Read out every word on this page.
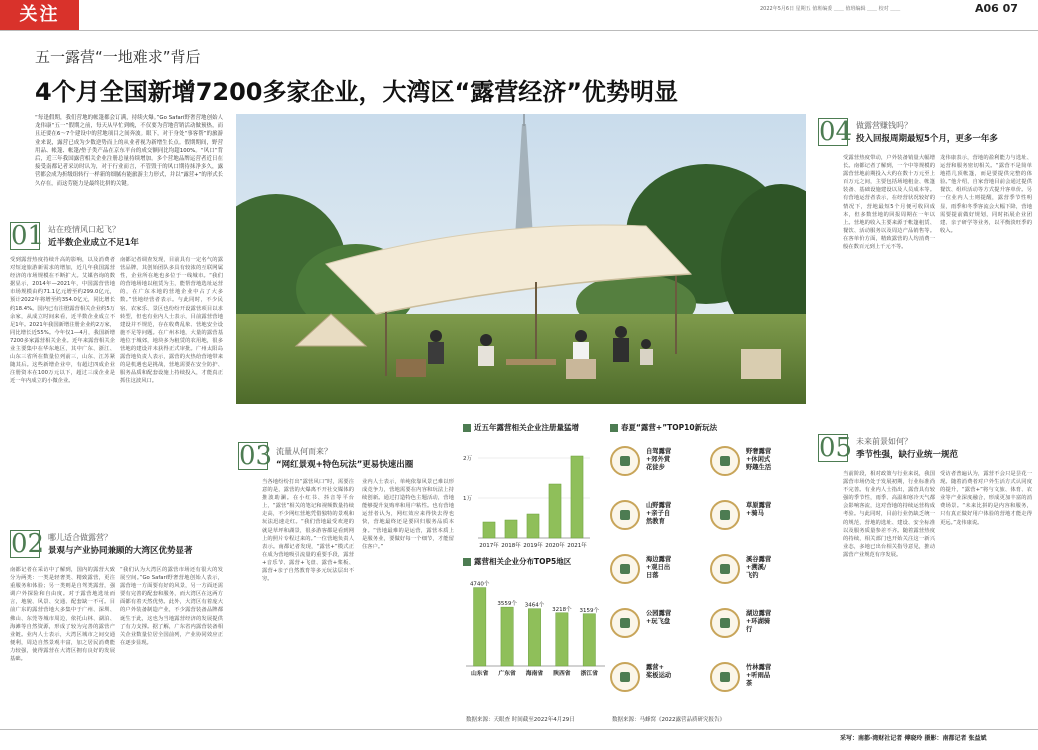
关注	2022年5月6日 星期五 值班编委 ＿＿ 值班编辑 ＿＿ 校对 ＿＿	A06 07
五一露营“一地难求”背后
4个月全国新增7200多家企业，大湾区“露营经济”优势明显
“每逢假期，我们营地的帐篷都会订满，持续火爆。”Go Safari野奢营地创始人龙伟康“五一”假期之前，每天从早忙到晚，不仅要为营地营销活动做预热，而且还要在6～7个建设中的营地项目之间奔波。眼下，对于身处“事客帮”的旅游业来说，露营已成为少数逆势而上的从业者视为新增生长点。假期期间，野营用品、帐篷、帐篷/垫子类产品在京东平台的成交额同比均超100%。“风口”背后，近三年我国露营相关企业注册总量持续增加。多个营地品牌运营者近日在接受南都记者采访时认为，对于行业而言，不管毁于的风口期待抹净多久，露营都会成为折级组转行一样新的细腻有能旅游主力形式，并以“露营+”的形式长久存在，而这劳能力是最终比拼的关键。
01 站在疫情风口起飞？
近半数企业成立不足1年
受到露营热度持续升高的影响，以及消费者对短途旅游新需求的增加，近几年我国露营经济的市场规模在不断扩大。艾媒咨询的数据显示，2014年—2021年，中国露营营地市场规模由约71.1亿元增至约299.0亿元，预计2022年将增至约354.0亿元，同比增长约18.4%。国内已有注册露营相关企业约5万余家，从成立时间来看，近半数企业成立不足1年。2021年我国新增注册企业约2万家，同比增长近55%。今年仅1—4月，我国新增7200多家露营相关企业。近年来露营相关企业主要集中在华东地区，其中广东、浙江、山东三省所在数量位列前三，山东、江苏紧随其后。这些新增企业中，有超过四成企业注册资本在100万元以下，超过三成企业是近一年内成立的小微企业。
南都记者调查发现，目前具有一定名气的露营品牌，其创始团队多具有较浓的互联网属性，企业所在地也多位于一线城市。“我们的营地场地以租赁为主，能帮营地选址运营的，在广东本地的营地企业中占了大多数。”营地经营者表示。与此同时，不少民宿、农家乐、景区也纷纷开设露营项目以求转型，但也有业内人士表示，目前露营营地建设并不规范，存在收费乱象、营地安全设施不足等问题。在广州本地，大量的露营基地位于城郊，地块多为租赁的农用地，很多营地的建设并未获得正式审批。广州太阳岛露营地负责人表示，露营的火热给营地带来的是机遇也是挑战，营地需要在安全防护、服务品质和配套设施上持续投入，才能真正抓住这波风口。
02 哪儿适合做露营？
景观与产业协同兼顾的大湾区优势显著
南都记者在采访中了解到，国内的露营大致分为两类：一类是轻奢类、精致露营，更注重服务和体验；另一类则是自驾类露营，强调户外探险和自由度。对于露营地选址而言，地貌、风景、交通、配套缺一不可。目前广东的露营营地大多集中于广州、深圳、佛山、东莞等城市周边，依托山林、湖泊、海滩等自然资源，形成了较为完善的露营产业链。业内人士表示，大湾区城市之间交通便利，周边自然景观丰富，加之居民消费能力较强，使得露营在大湾区拥有良好的发展基础。
“我们认为大湾区的露营市场还有很大的发展空间。”Go Safari野奢营地创始人表示，露营地一方面要有好的风景，另一方面还需要有完善的配套和服务，而大湾区在这两方面都有着天然优势。此外，大湾区有着庞大的户外装备制造产业，不少露营装备品牌都诞生于此，这也为当地露营经济的发展提供了有力支撑。据了解，广东省内露营装备相关企业数量位居全国前列，产业协同效应正在逐步显现。
03 流量从何而来？
“网红景观+特色玩法”更易快速出圈
当各地纷纷打出“露营风口”时，需要注意的是，露营的火爆离不开社交媒体的推波助澜。在小红书、抖音等平台上，“露营”相关的笔记和视频数量持续走高，不少网红营地凭借独特的景观和玩法迅速走红。“我们营地最受欢迎的就是草坪和湖景，很多游客都是看到网上的照片专程过来的。”一位营地负责人表示。南都记者发现，“露营+”模式正在成为营地吸引流量的重要手段，露营+音乐节、露营+飞盘、露营+桨板、露营+亲子自然教育等多元玩法层出不穷。
业内人士表示，单纯依靠风景已难以形成竞争力，营地需要在内容和玩法上持续创新。通过打造特色主题活动，营地能够提升复购率和用户粘性。也有营地运营者认为，网红效应来得快去得也快，营地最终还是要回归服务品质本身。“营地最难的是运营，露营本质上是服务业，要做好每一个细节，才能留住客户。”
近五年露营相关企业注册量猛增
2万
1万
2017年 2018年 2019年 2020年 2021年
露营相关企业分布TOP5地区
4740个
山东省
3559个
广东省
3464个
海南省
3218个
陕西省
3159个
浙江省
数据来源：天眼查 时间截至2022年4月29日
春夏“露营+”TOP10新玩法
自驾露营
+郊外赏
花徒步
野奢露营
+休闲式
野趣生活
山野露营
+亲子自
然教育
草原露营
+骑马
海边露营
+观日出
日落
溪谷露营
+溯溪/
飞钓
公园露营
+玩飞盘
湖边露营
+环湖骑
行
露营+
桨板运动
竹林露营
+听雨品
茶
数据来源：马蜂窝《2022露营品质研究报告》
04 做露营赚钱吗？
投入回报周期最短5个月，更多一年多
受露营热度带动，户外装备销量大幅增长。南都记者了解到，一个中等规模的露营营地前期投入大约在数十万元至上百万元之间，主要包括场地租金、帐篷装备、基础设施建设以及人员成本等。有营地运营者表示，在经营状况较好的情况下，营地最短5个月便可收回成本，但多数营地的回报周期在一年以上。营地的收入主要来源于帐篷租赁、餐饮、活动服务以及周边产品销售等。在客单价方面，精致露营的人均消费一般在数百元到上千元不等。
龙伟康表示，营地的盈利能力与选址、运营和服务密切相关。“露营不是简单地搭几顶帐篷，而是要提供完整的体验。”他介绍，自家营地目前会通过提供餐饮、组织活动等方式提升客单价。另一位业内人士则提醒，露营季节性明显，雨季和冬季客流会大幅下降，营地需要提前做好规划，同时拓展企业团建、亲子研学等业务，以平衡淡旺季的收入。
05 未来前景如何？
季节性强，缺行业统一规范
当前阶段，相对政策与行业来说，我国露营市场仍处于发展初期，行业标准尚不完善。有业内人士指出，露营具有较强的季节性，雨季、高温和寒冷天气都会影响客流，这对营地的持续运营构成考验。与此同时，目前行业仍缺乏统一的规范，营地的选址、建设、安全标准以及服务质量参差不齐。随着露营热度的持续，相关部门也开始关注这一新兴业态，多地已出台相关指导意见，推动露营产业规范有序发展。
受访者普遍认为，露营不会只是昙花一现。随着消费者对户外生活方式认同度的提升，“露营+”将与文旅、体育、农业等产业深度融合，形成更加丰富的消费场景。“未来比拼的是内容和服务，只有真正做好用户体验的营地才能走得更远。”龙伟康说。
采写：南都·湾财社记者 傅晓玲 摄影：南都记者 张益斌
